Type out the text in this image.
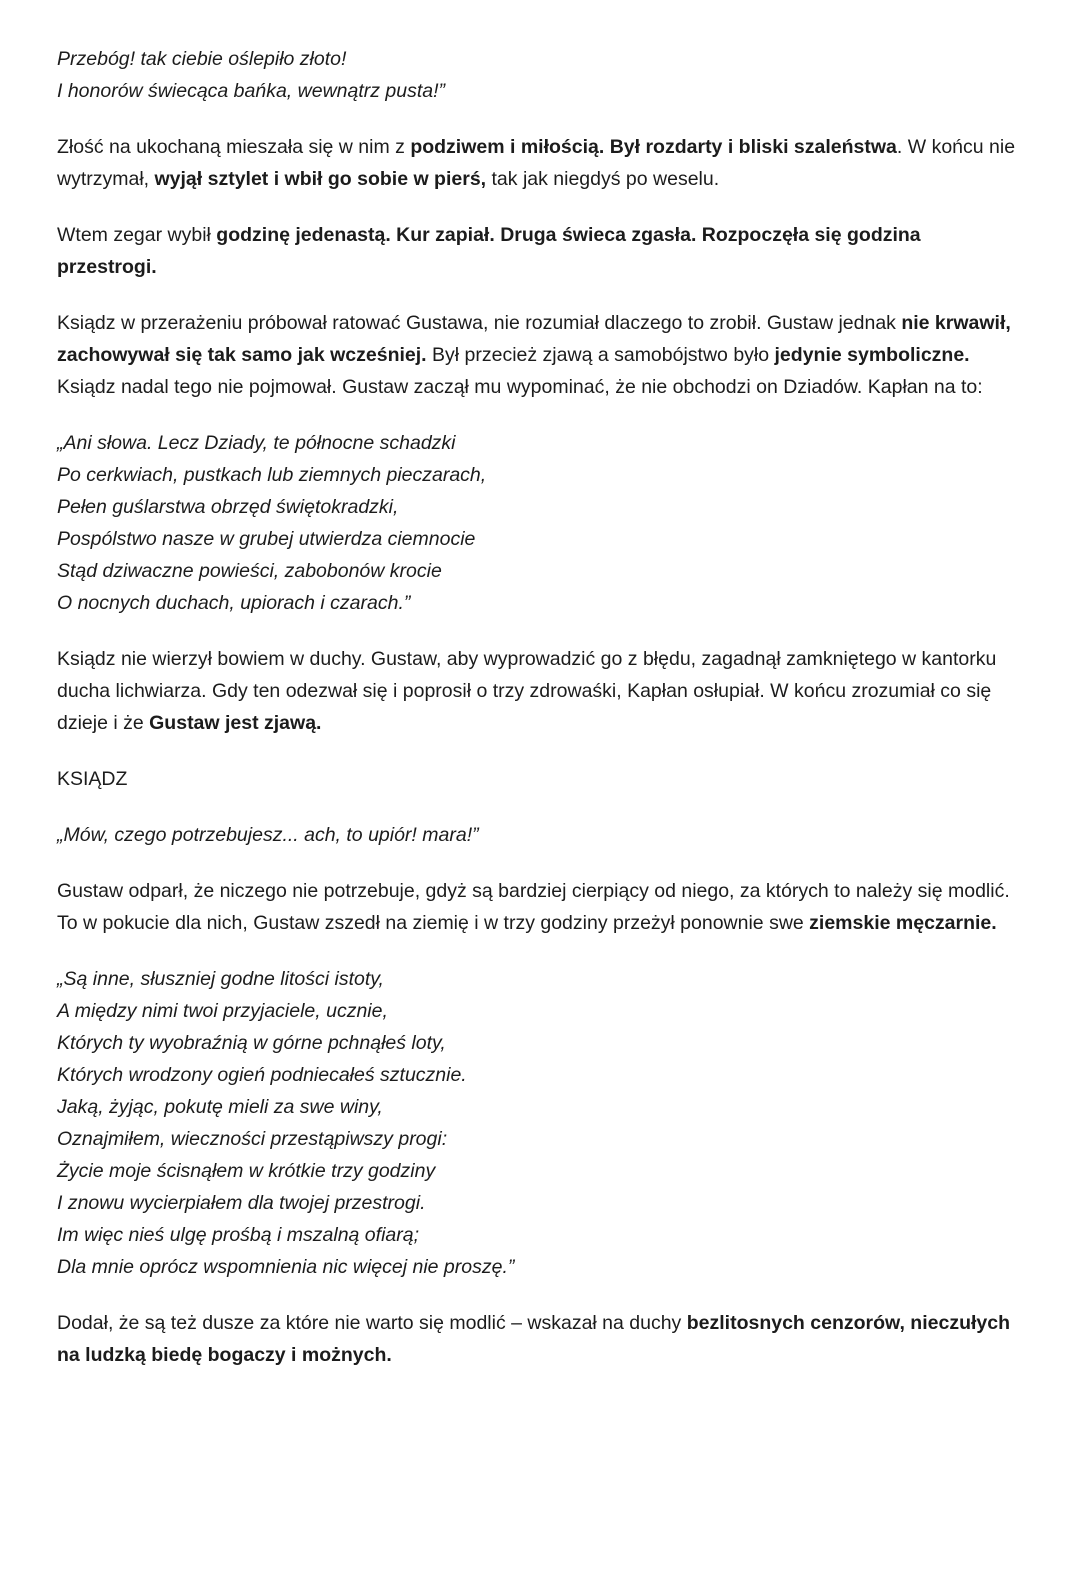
Przebóg! tak ciebie oślepiło złoto!
I honorów świecąca bańka, wewnątrz pusta!”

Złość na ukochaną mieszała się w nim z podziwem i miłością. Był rozdarty i bliski szaleństwa. W końcu nie wytrzymał, wyjął sztylet i wbił go sobie w pierś, tak jak niegdyś po weselu.

Wtem zegar wybił godzinę jedenastą. Kur zapiał. Druga świeca zgasła. Rozpoczęła się godzina przestrogi.

Ksiądz w przerażeniu próbował ratować Gustawa, nie rozumiał dlaczego to zrobił. Gustaw jednak nie krwawił, zachowywał się tak samo jak wcześniej. Był przecież zjawą a samobójstwo było jedynie symboliczne. Ksiądz nadal tego nie pojmował. Gustaw zaczął mu wypominać, że nie obchodzi on Dziadów. Kapłan na to:

„Ani słowa. Lecz Dziady, te północne schadzki
Po cerkwiach, pustkach lub ziemnych pieczarach,
Pełen guślarstwa obrzęd świętokradzki,
Pospólstwo nasze w grubej utwierdza ciemnocie
Stąd dziwaczne powieści, zabobonów krocie
O nocnych duchach, upiorach i czarach.”

Ksiądz nie wierzył bowiem w duchy. Gustaw, aby wyprowadzić go z błędu, zagadnął zamkniętego w kantorku ducha lichwiarza. Gdy ten odezwał się i poprosił o trzy zdrowaśki, Kapłan osłupiał. W końcu zrozumiał co się dzieje i że Gustaw jest zjawą.

KSIĄDZ

„Mów, czego potrzebujesz... ach, to upiór! mara!”

Gustaw odparł, że niczego nie potrzebuje, gdyż są bardziej cierpiący od niego, za których to należy się modlić. To w pokucie dla nich, Gustaw zszedł na ziemię i w trzy godziny przeżył ponownie swe ziemskie męczarnie.

„Są inne, słuszniej godne litości istoty,
A między nimi twoi przyjaciele, ucznie,
Których ty wyobraźnią w górne pchnąłeś loty,
Których wrodzony ogień podniecałeś sztucznie.
Jaką, żyjąc, pokutę mieli za swe winy,
Oznajmiłem, wieczności przestąpiwszy progi:
Życie moje ścisnąłem w krótkie trzy godziny
I znowu wycierpiałem dla twojej przestrogi.
Im więc nieś ulgę prośbą i mszalną ofiarą;
Dla mnie oprócz wspomnienia nic więcej nie proszę.”

Dodał, że są też dusze za które nie warto się modlić – wskazał na duchy bezlitosnych cenzorów, nieczułych na ludzką biedę bogaczy i możnych.
